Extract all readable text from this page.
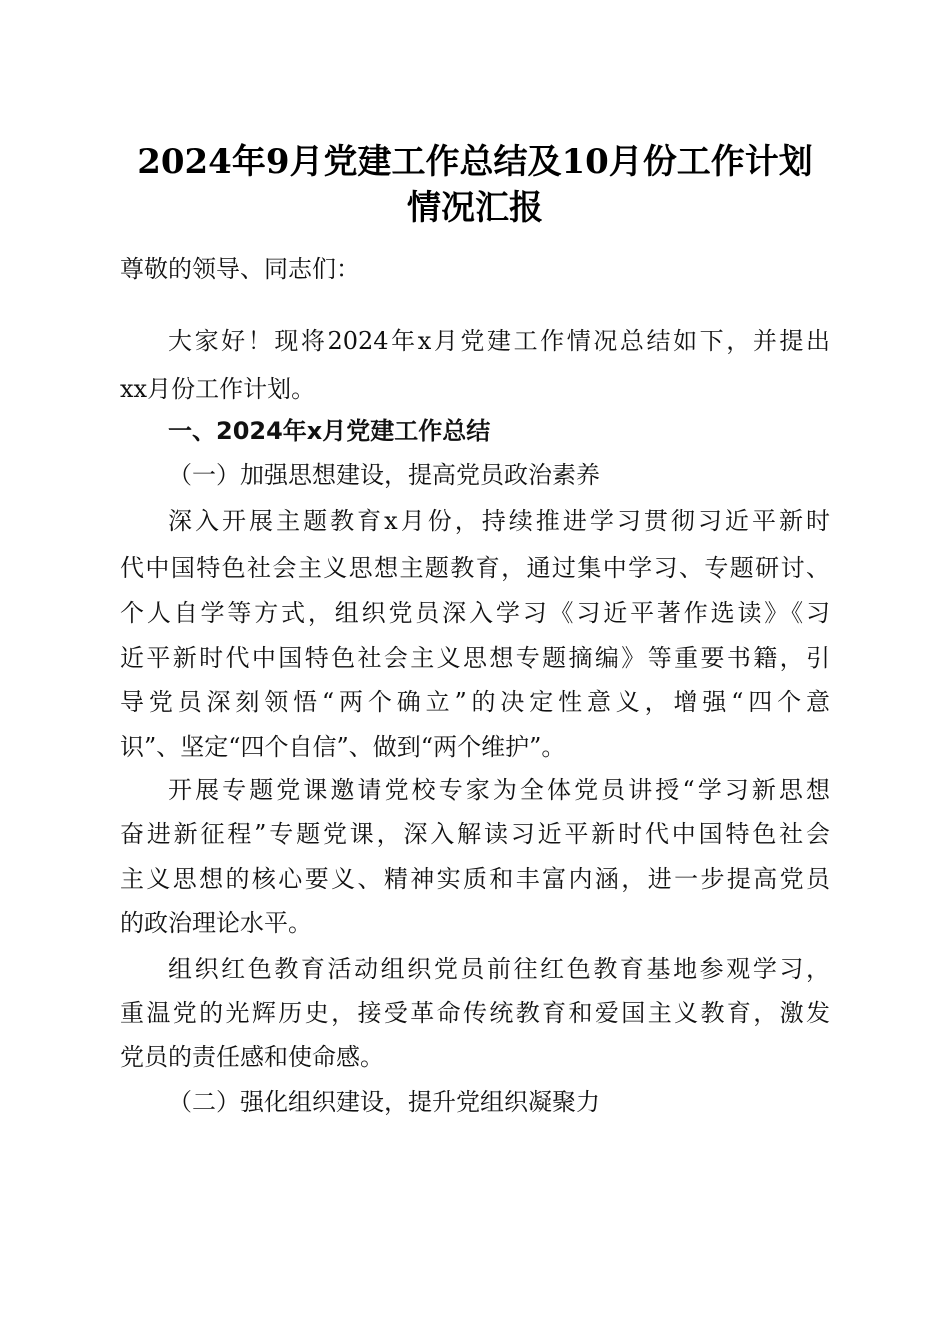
2024年9月党建工作总结及10月份工作计划
情况汇报
尊敬的领导、同志们：
大家好！现将2024年x月党建工作情况总结如下，并提出
xx月份工作计划。
一、2024年x月党建工作总结
（一）加强思想建设，提高党员政治素养
深入开展主题教育x月份，持续推进学习贯彻习近平新时
代中国特色社会主义思想主题教育，通过集中学习、专题研讨、
个人自学等方式，组织党员深入学习《习近平著作选读》《习
近平新时代中国特色社会主义思想专题摘编》等重要书籍，引
导党员深刻领悟“两个确立”的决定性意义，增强“四个意
识”、坚定“四个自信”、做到“两个维护”。
开展专题党课邀请党校专家为全体党员讲授“学习新思想
奋进新征程”专题党课，深入解读习近平新时代中国特色社会
主义思想的核心要义、精神实质和丰富内涵，进一步提高党员
的政治理论水平。
组织红色教育活动组织党员前往红色教育基地参观学习，
重温党的光辉历史，接受革命传统教育和爱国主义教育，激发
党员的责任感和使命感。
（二）强化组织建设，提升党组织凝聚力
